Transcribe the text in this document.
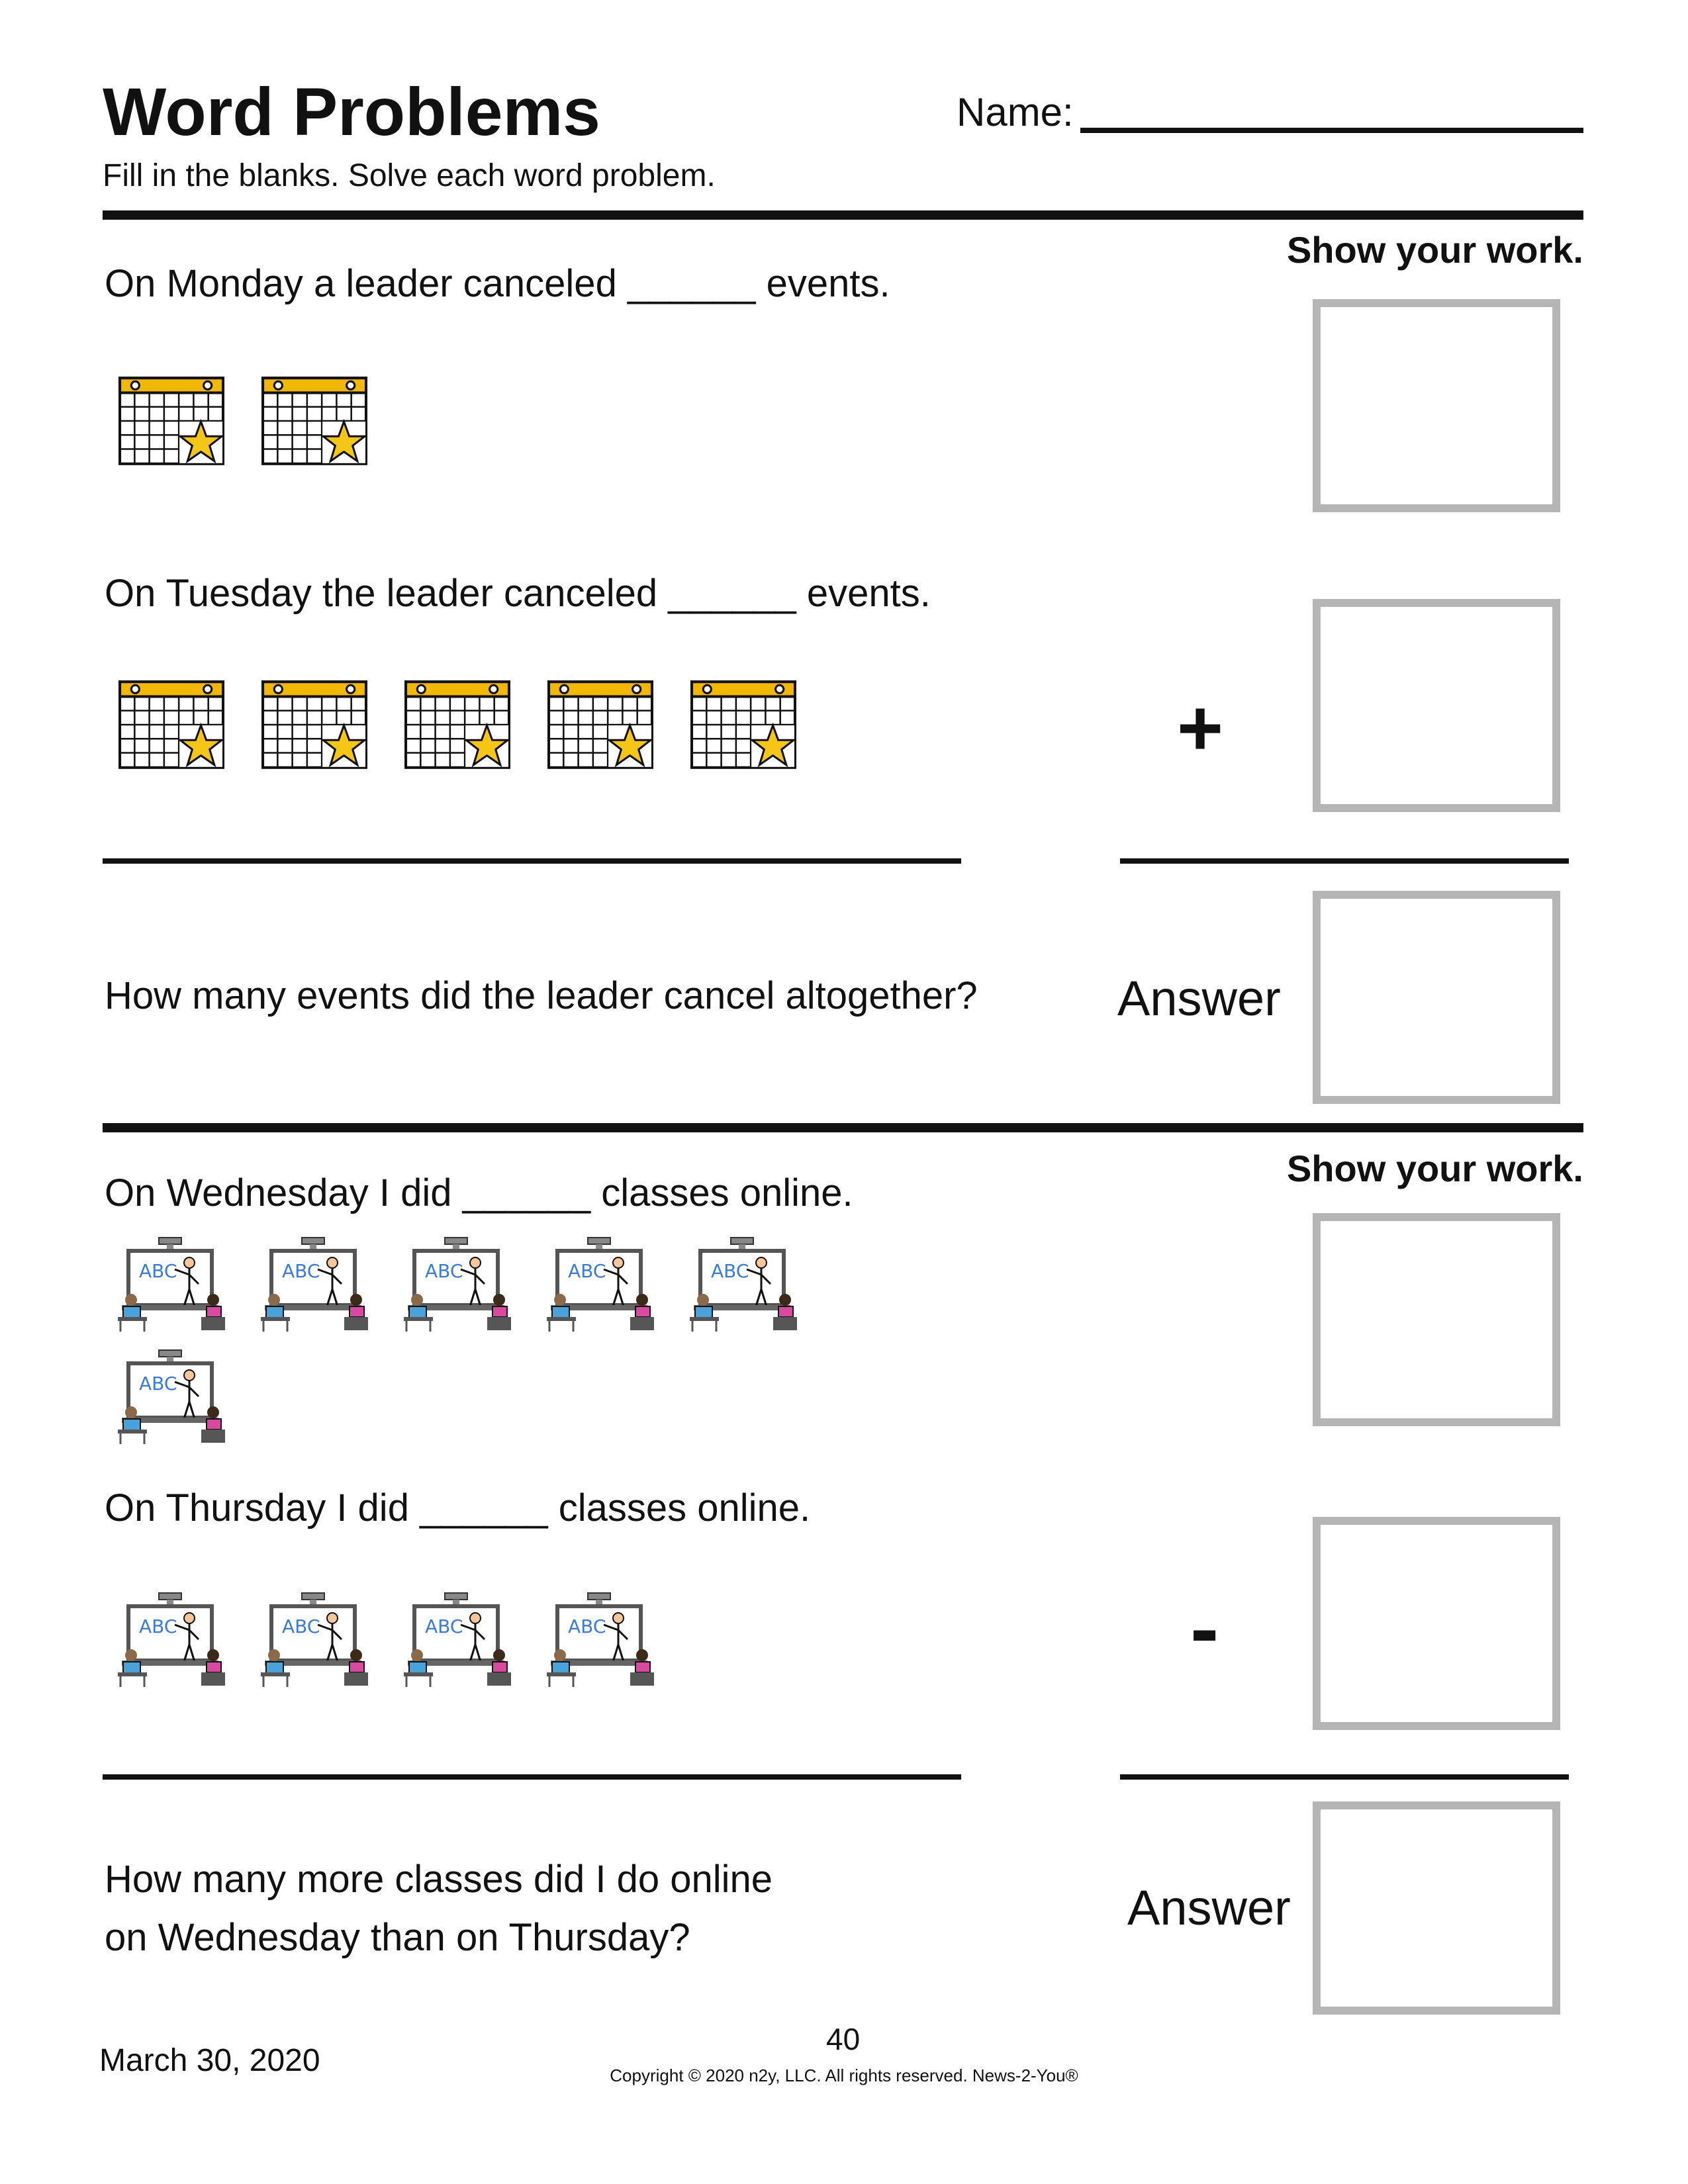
Word Problems
Fill in the blanks. Solve each word problem.
Name:
Show your work.
On Monday a leader canceled ______ events.
On Tuesday the leader canceled ______ events.
+
How many events did the leader cancel altogether?	Answer
Show your work.
On Wednesday I did ______ classes online.
On Thursday I did ______ classes online.
-
How many more classes did I do online
on Wednesday than on Thursday?
Answer
March 30, 2020
40
Copyright © 2020 n2y, LLC. All rights reserved. News-2-You®
